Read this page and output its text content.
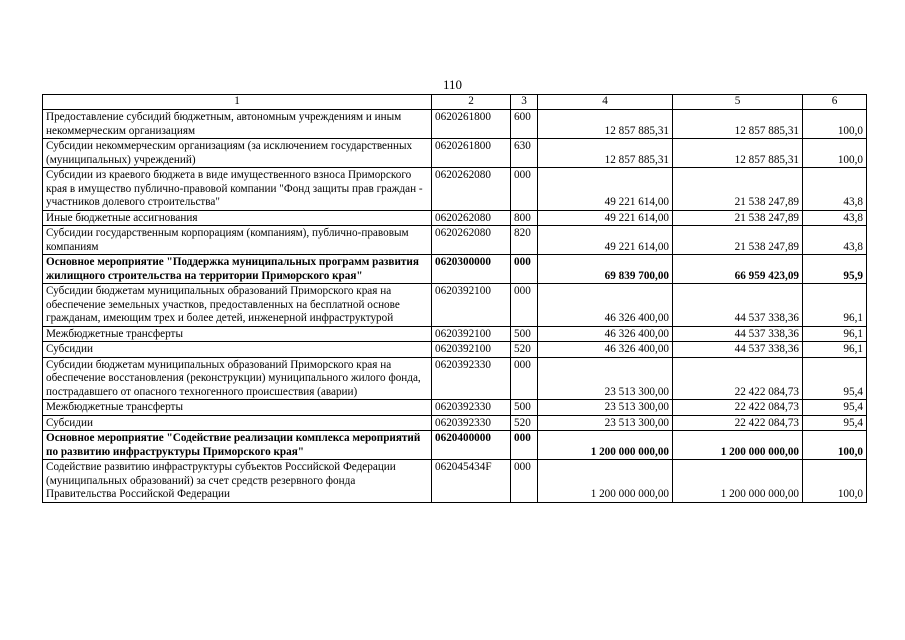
110
1	2	3	4	5	6
Предоставление субсидий бюджетным, автономным учреждениям и иным некоммерческим организациям	0620261800	600	12 857 885,31	12 857 885,31	100,0
Субсидии некоммерческим организациям (за исключением государственных (муниципальных) учреждений)	0620261800	630	12 857 885,31	12 857 885,31	100,0
Субсидии из краевого бюджета в виде имущественного взноса Приморского края в имущество публично-правовой компании "Фонд защиты прав граждан - участников долевого строительства"	0620262080	000	49 221 614,00	21 538 247,89	43,8
Иные бюджетные ассигнования	0620262080	800	49 221 614,00	21 538 247,89	43,8
Субсидии государственным корпорациям (компаниям), публично-правовым компаниям	0620262080	820	49 221 614,00	21 538 247,89	43,8
Основное мероприятие "Поддержка муниципальных программ развития жилищного строительства на территории Приморского края"	0620300000	000	69 839 700,00	66 959 423,09	95,9
Субсидии бюджетам муниципальных образований Приморского края на обеспечение земельных участков, предоставленных на бесплатной основе гражданам, имеющим трех и более детей, инженерной инфраструктурой	0620392100	000	46 326 400,00	44 537 338,36	96,1
Межбюджетные трансферты	0620392100	500	46 326 400,00	44 537 338,36	96,1
Субсидии	0620392100	520	46 326 400,00	44 537 338,36	96,1
Субсидии бюджетам муниципальных образований Приморского края на обеспечение восстановления (реконструкции) муниципального жилого фонда, пострадавшего от опасного техногенного происшествия (аварии)	0620392330	000	23 513 300,00	22 422 084,73	95,4
Межбюджетные трансферты	0620392330	500	23 513 300,00	22 422 084,73	95,4
Субсидии	0620392330	520	23 513 300,00	22 422 084,73	95,4
Основное мероприятие "Содействие реализации комплекса мероприятий по развитию инфраструктуры Приморского края"	0620400000	000	1 200 000 000,00	1 200 000 000,00	100,0
Содействие развитию инфраструктуры субъектов Российской Федерации (муниципальных образований) за счет средств резервного фонда Правительства Российской Федерации	062045434F	000	1 200 000 000,00	1 200 000 000,00	100,0
